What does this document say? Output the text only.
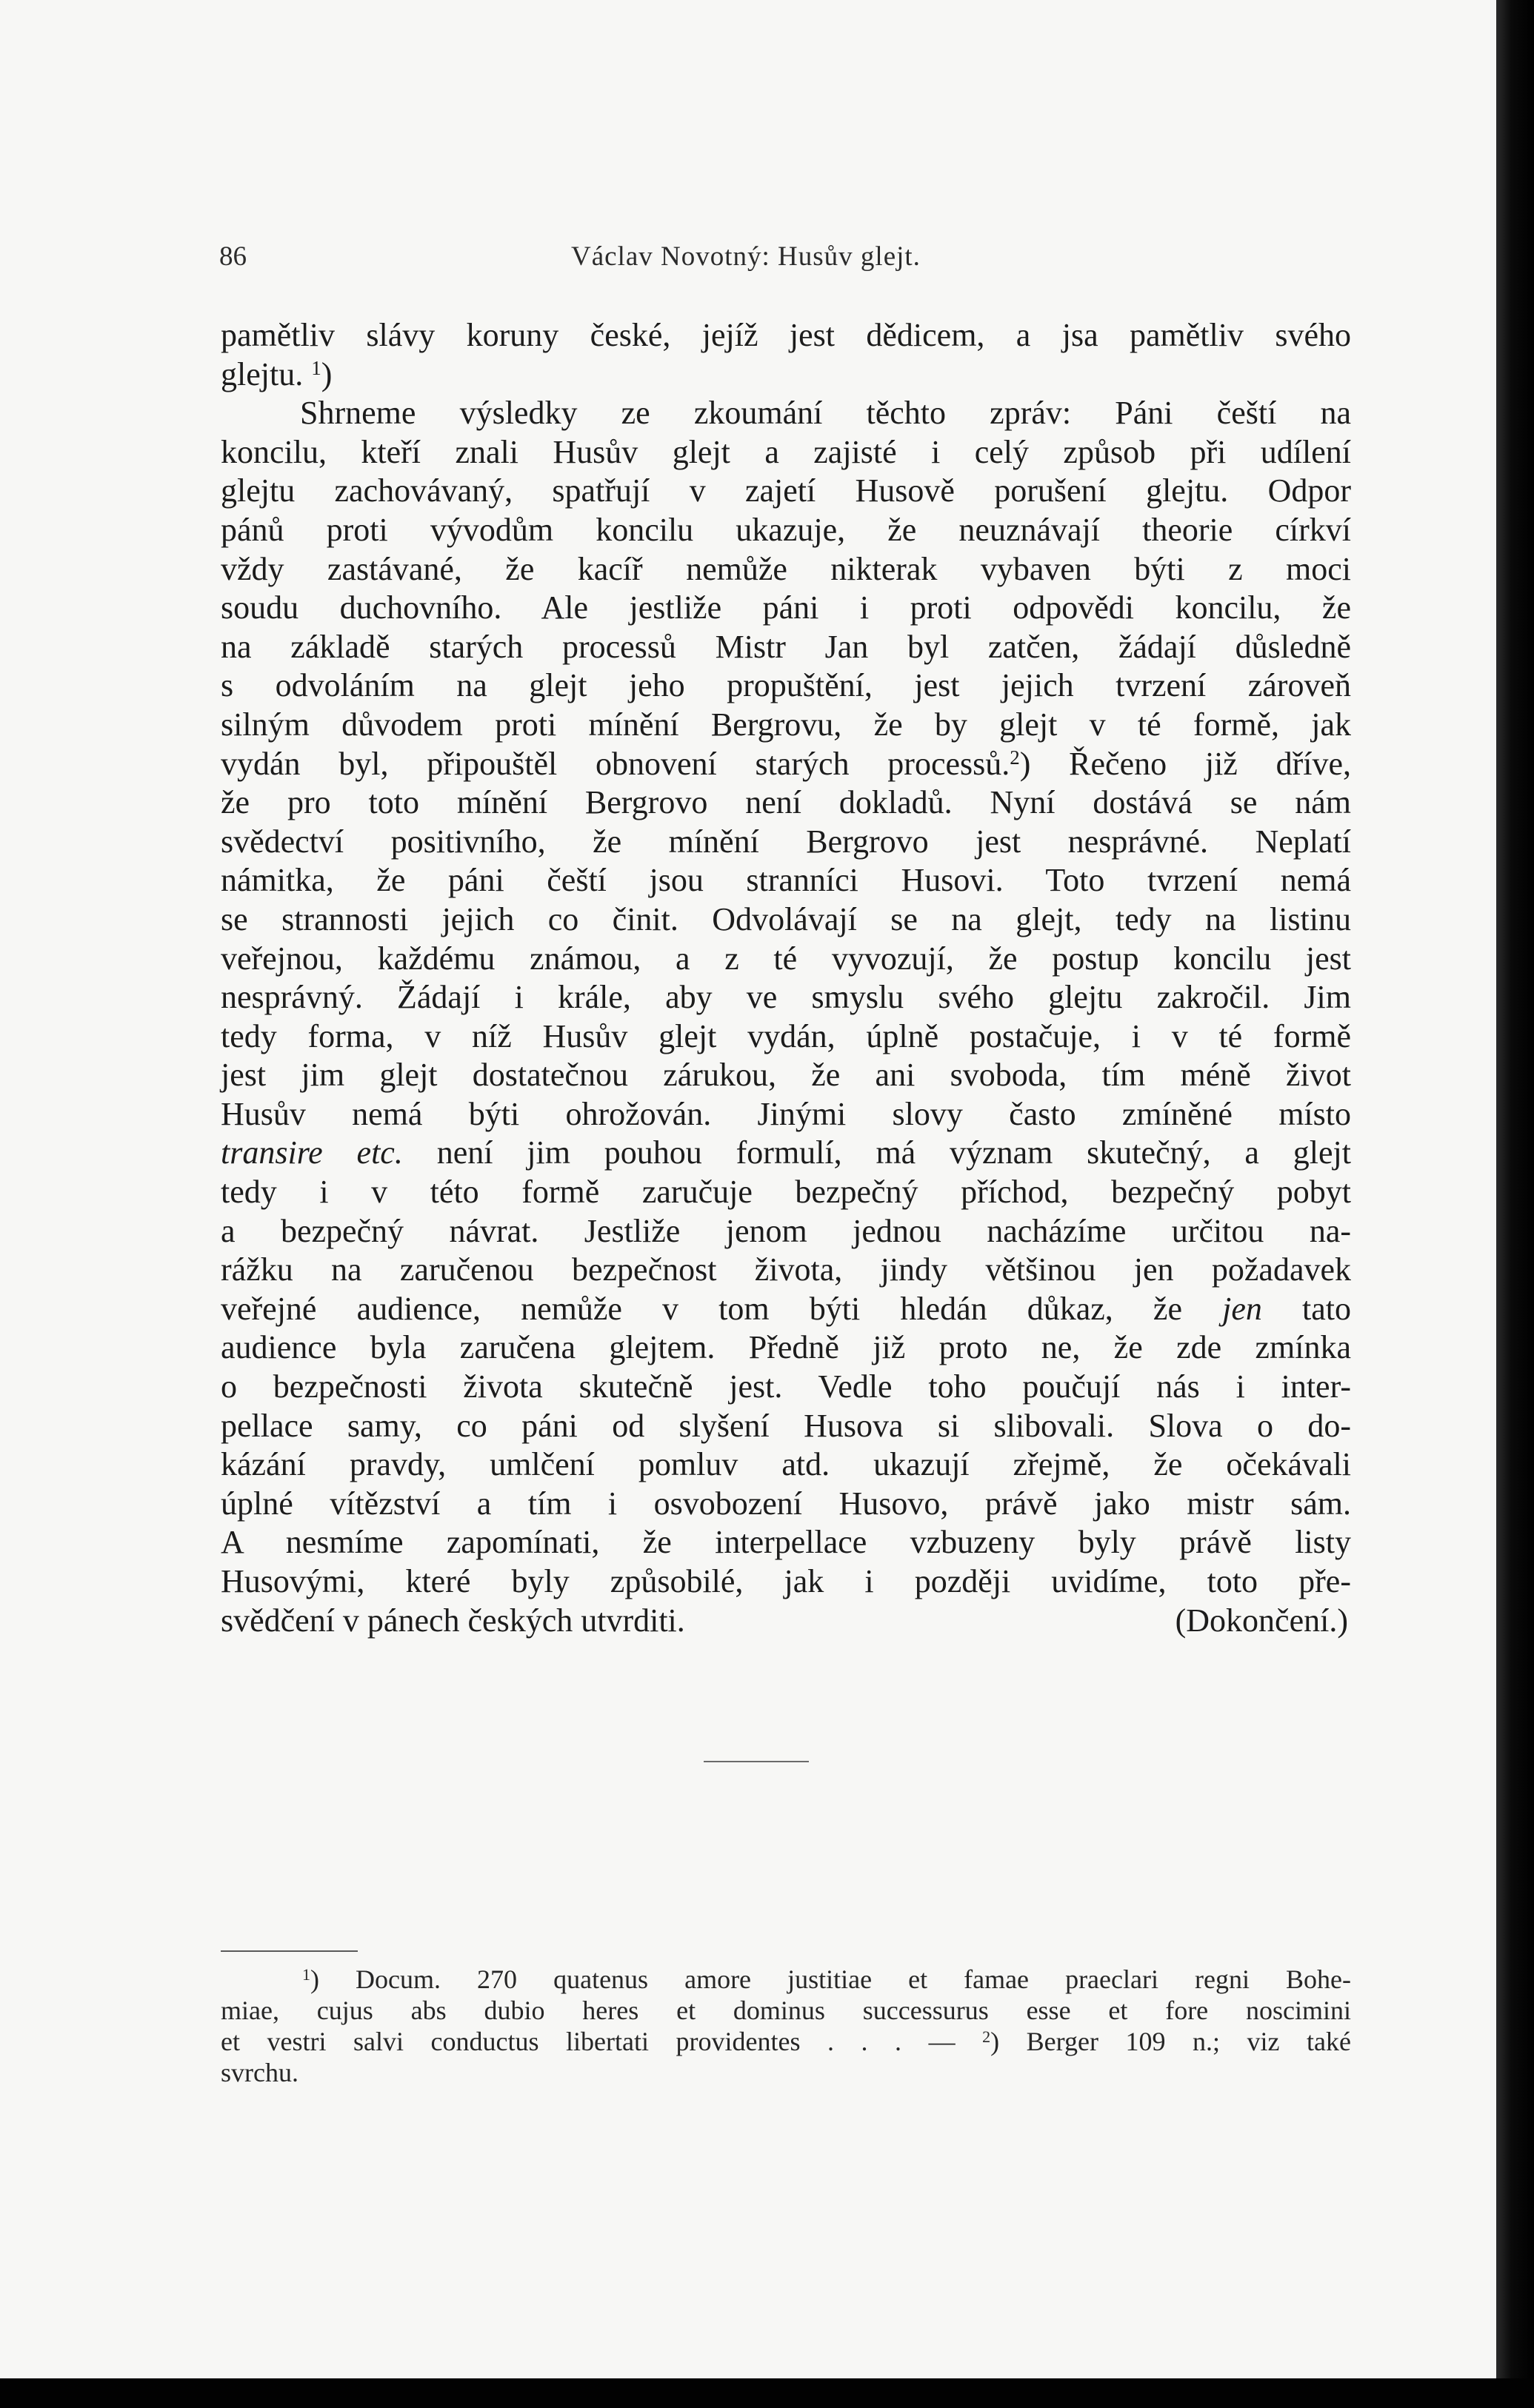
86	Václav Novotný: Husův glejt.
pamětliv slávy koruny české, jejíž jest dědicem, a jsa pamětliv svého
glejtu. $^1$)
Shrneme výsledky ze zkoumání těchto zpráv: Páni čeští na
koncilu, kteří znali Husův glejt a zajisté i celý způsob při udílení
glejtu zachovávaný, spatřují v zajetí Husově porušení glejtu. Odpor
pánů proti vývodům koncilu ukazuje, že neuznávají theorie církví
vždy zastávané, že kacíř nemůže nikterak vybaven býti z moci
soudu duchovního. Ale jestliže páni i proti odpovědi koncilu, že
na základě starých processů Mistr Jan byl zatčen, žádají důsledně
s odvoláním na glejt jeho propuštění, jest jejich tvrzení zároveň
silným důvodem proti mínění Bergrovu, že by glejt v té formě, jak
vydán byl, připouštěl obnovení starých processů.$^2$) Řečeno již dříve,
že pro toto mínění Bergrovo není dokladů. Nyní dostává se nám
svědectví positivního, že mínění Bergrovo jest nesprávné. Neplatí
námitka, že páni čeští jsou stranníci Husovi. Toto tvrzení nemá
se strannosti jejich co činit. Odvolávají se na glejt, tedy na listinu
veřejnou, každému známou, a z té vyvozují, že postup koncilu jest
nesprávný. Žádají i krále, aby ve smyslu svého glejtu zakročil. Jim
tedy forma, v níž Husův glejt vydán, úplně postačuje, i v té formě
jest jim glejt dostatečnou zárukou, že ani svoboda, tím méně život
Husův nemá býti ohrožován. Jinými slovy často zmíněné místo
transire etc. není jim pouhou formulí, má význam skutečný, a glejt
tedy i v této formě zaručuje bezpečný příchod, bezpečný pobyt
a bezpečný návrat. Jestliže jenom jednou nacházíme určitou na-
rážku na zaručenou bezpečnost života, jindy většinou jen požadavek
veřejné audience, nemůže v tom býti hledán důkaz, že jen tato
audience byla zaručena glejtem. Předně již proto ne, že zde zmínka
o bezpečnosti života skutečně jest. Vedle toho poučují nás i inter-
pellace samy, co páni od slyšení Husova si slibovali. Slova o do-
kázání pravdy, umlčení pomluv atd. ukazují zřejmě, že očekávali
úplné vítězství a tím i osvobození Husovo, právě jako mistr sám.
A nesmíme zapomínati, že interpellace vzbuzeny byly právě listy
Husovými, které byly způsobilé, jak i později uvidíme, toto pře-
svědčení v pánech českých utvrditi.	(Dokončení.)
$^1$) Docum. 270 quatenus amore justitiae et famae praeclari regni Bohe-
miae, cujus abs dubio heres et dominus successurus esse et fore noscimini
et vestri salvi conductus libertati providentes . . . — $^2$) Berger 109 n.; viz také
svrchu.
